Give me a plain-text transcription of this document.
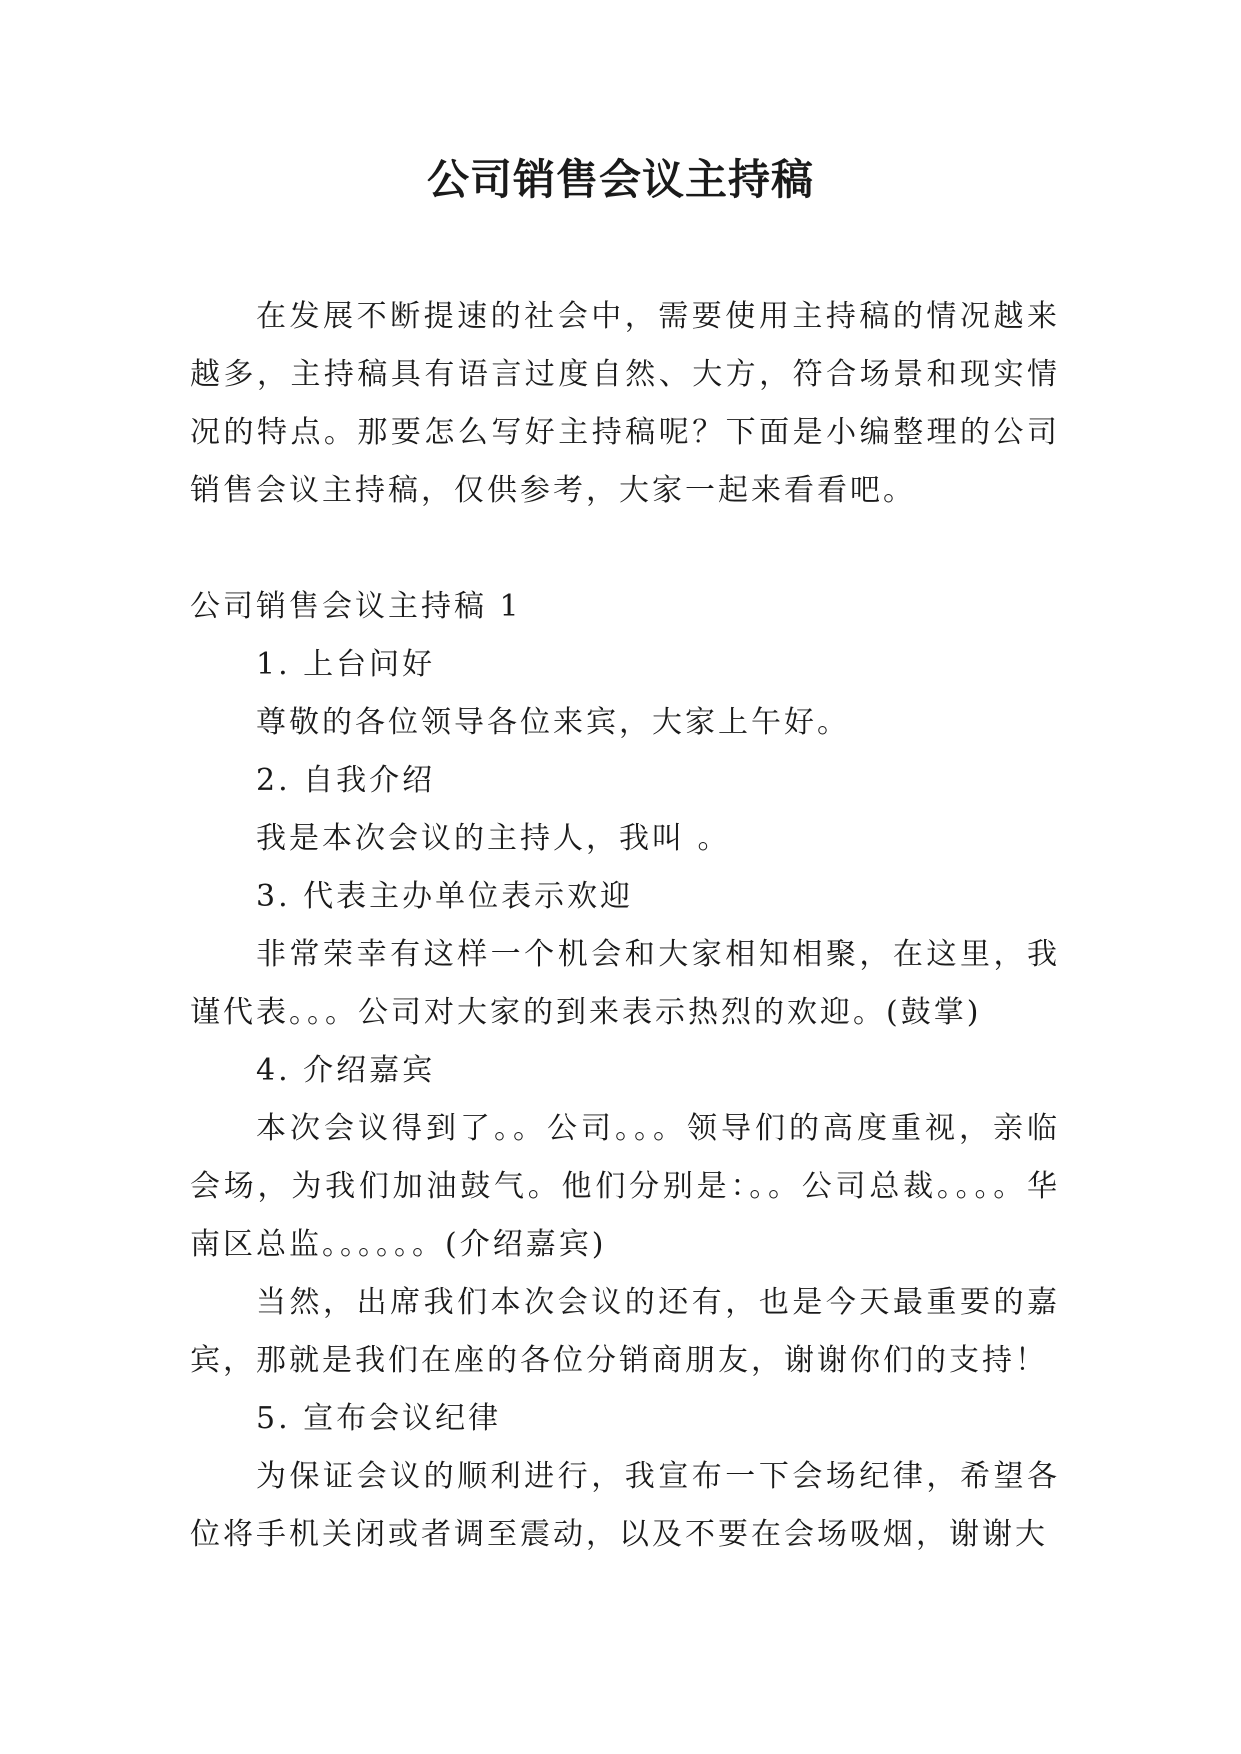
公司销售会议主持稿

在发展不断提速的社会中，需要使用主持稿的情况越来越多，主持稿具有语言过度自然、大方，符合场景和现实情况的特点。那要怎么写好主持稿呢？下面是小编整理的公司销售会议主持稿，仅供参考，大家一起来看看吧。

公司销售会议主持稿 1

1. 上台问好

尊敬的各位领导各位来宾，大家上午好。

2. 自我介绍

我是本次会议的主持人，我叫 。

3. 代表主办单位表示欢迎

非常荣幸有这样一个机会和大家相知相聚，在这里，我谨代表。。。公司对大家的到来表示热烈的欢迎。(鼓掌)

4. 介绍嘉宾

本次会议得到了。。公司。。。领导们的高度重视，亲临会场，为我们加油鼓气。他们分别是：。。公司总裁。。。。华南区总监。。。。。。(介绍嘉宾)

当然，出席我们本次会议的还有，也是今天最重要的嘉宾，那就是我们在座的各位分销商朋友，谢谢你们的支持！

5. 宣布会议纪律

为保证会议的顺利进行，我宣布一下会场纪律，希望各位将手机关闭或者调至震动，以及不要在会场吸烟，谢谢大
